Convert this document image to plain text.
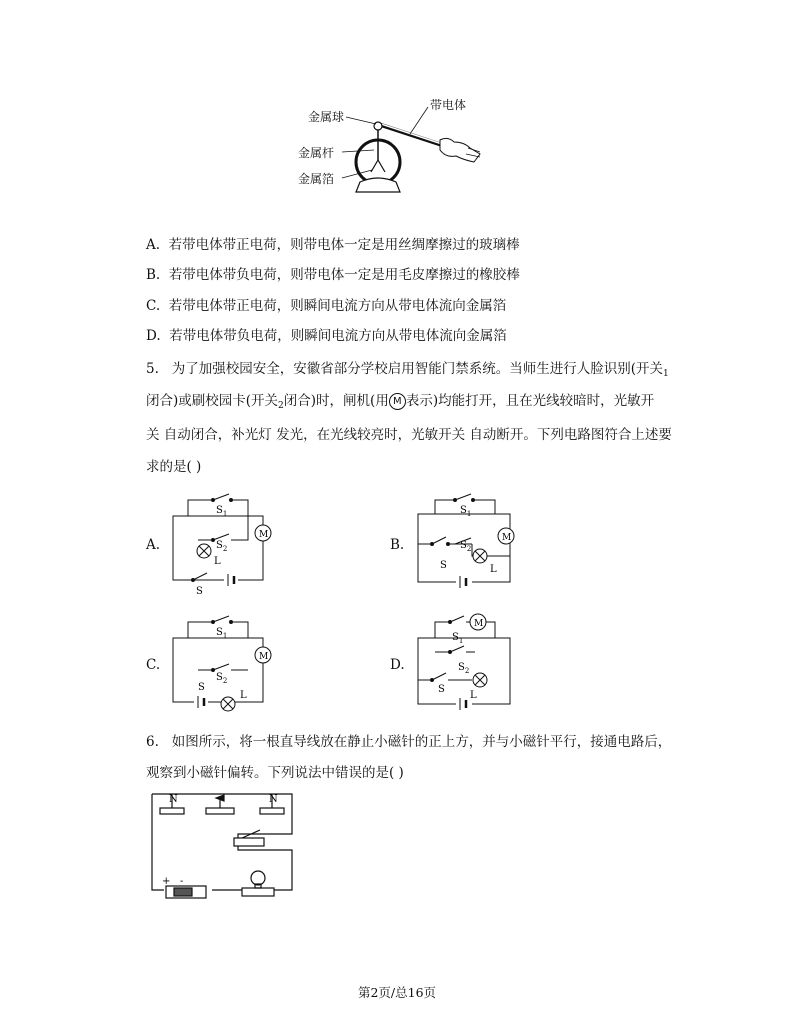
金属球
带电体
金属杆
金属箔
A. 若带电体带正电荷，则带电体一定是用丝绸摩擦过的玻璃棒
B. 若带电体带负电荷，则带电体一定是用毛皮摩擦过的橡胶棒
C. 若带电体带正电荷，则瞬间电流方向从带电体流向金属箔
D. 若带电体带负电荷，则瞬间电流方向从带电体流向金属箔
5. 为了加强校园安全，安徽省部分学校启用智能门禁系统。当师生进行人脸识别(开关$_1$
闭合)或刷校园卡(开关$_2$闭合)时，闸机(用 M 表示)均能打开，且在光线较暗时，光敏开
关 自动闭合，补光灯 发光，在光线较亮时，光敏开关 自动断开。下列电路图符合上述要
求的是( )
A.	B.
C.	D.
$S_1$
$S_2$
L
M
S
$S_1$
$S_2$
S	L
M
$S_1$
$S_2$
S
L
M
$S_1$
$S_2$
S
L
M
6. 如图所示，将一根直导线放在静止小磁针的正上方，并与小磁针平行，接通电路后，
观察到小磁针偏转。下列说法中错误的是( )
N	N
+ -
第2页/总16页
